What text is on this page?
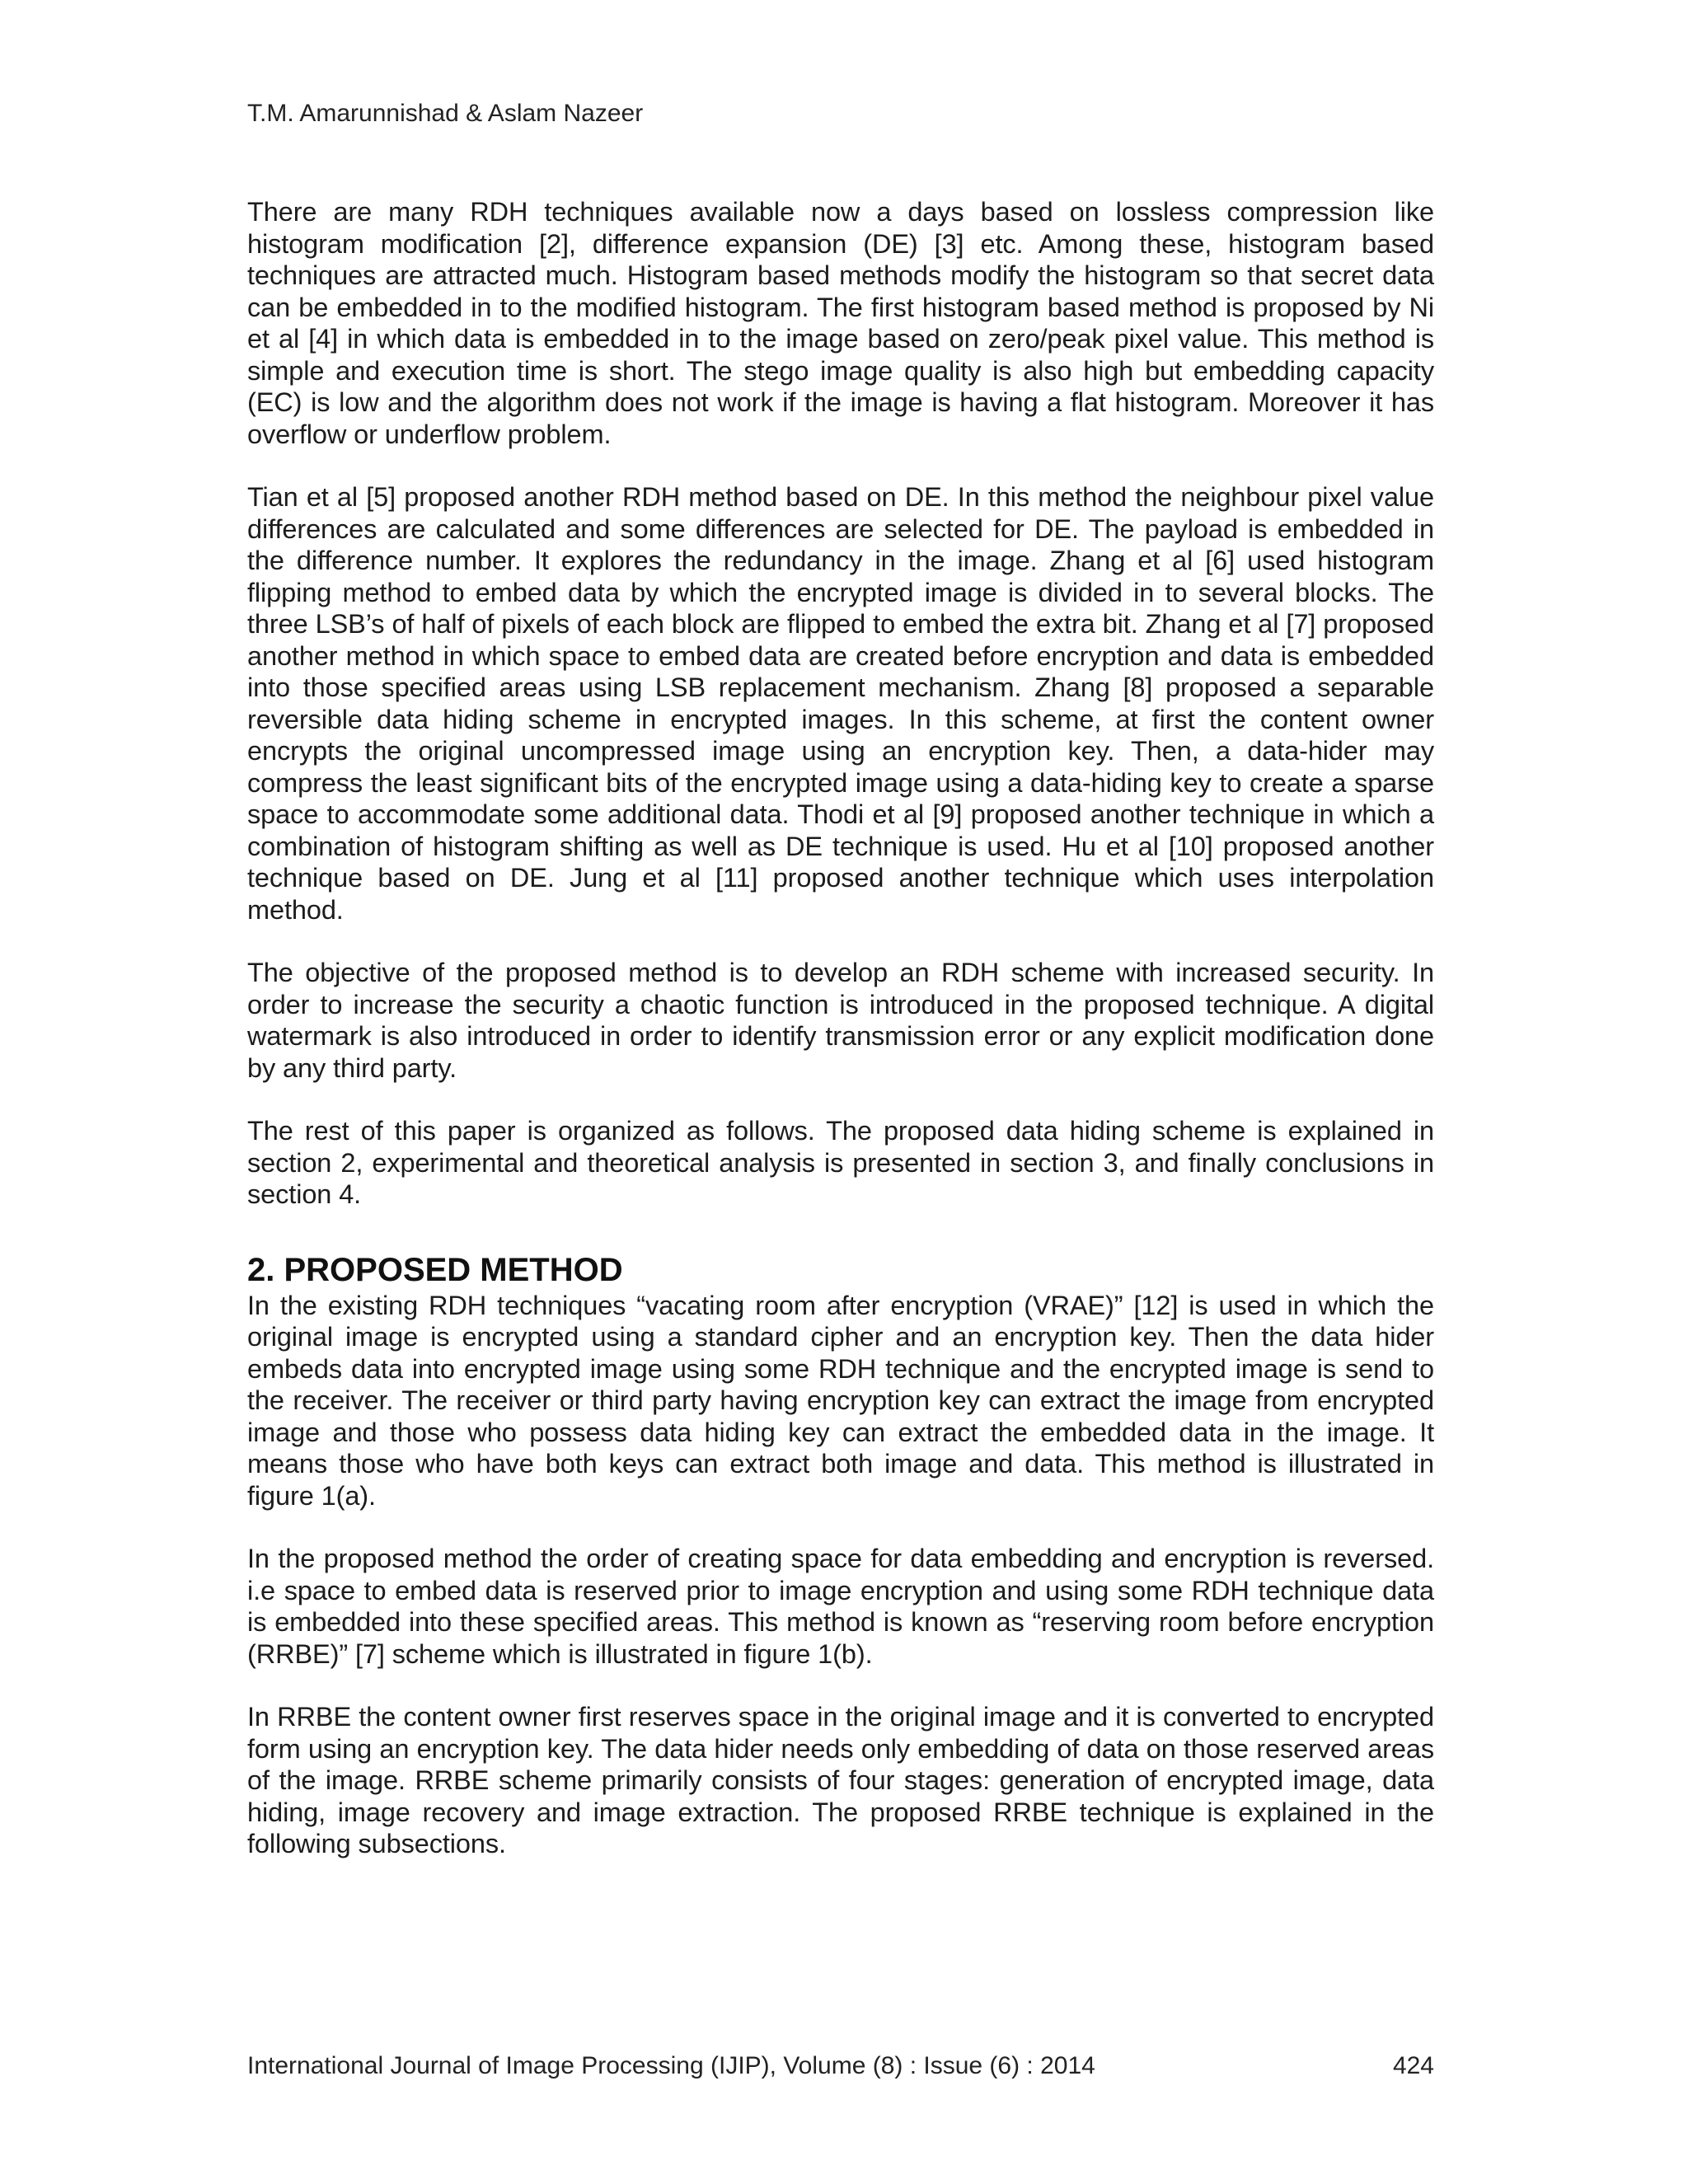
T.M. Amarunnishad & Aslam Nazeer

There are many RDH techniques available now a days based on lossless compression like histogram modification [2], difference expansion (DE) [3] etc. Among these, histogram based techniques are attracted much. Histogram based methods modify the histogram so that secret data can be embedded in to the modified histogram. The first histogram based method is proposed by Ni et al [4] in which data is embedded in to the image based on zero/peak pixel value. This method is simple and execution time is short. The stego image quality is also high but embedding capacity (EC) is low and the algorithm does not work if the image is having a flat histogram. Moreover it has overflow or underflow problem.

Tian et al [5] proposed another RDH method based on DE. In this method the neighbour pixel value differences are calculated and some differences are selected for DE. The payload is embedded in the difference number. It explores the redundancy in the image. Zhang et al [6] used histogram flipping method to embed data by which the encrypted image is divided in to several blocks. The three LSB’s of half of pixels of each block are flipped to embed the extra bit. Zhang et al [7] proposed another method in which space to embed data are created before encryption and data is embedded into those specified areas using LSB replacement mechanism. Zhang [8] proposed a separable reversible data hiding scheme in encrypted images. In this scheme, at first the content owner encrypts the original uncompressed image using an encryption key. Then, a data-hider may compress the least significant bits of the encrypted image using a data-hiding key to create a sparse space to accommodate some additional data. Thodi et al [9] proposed another technique in which a combination of histogram shifting as well as DE technique is used. Hu et al [10] proposed another technique based on DE. Jung et al [11] proposed another technique which uses interpolation method.

The objective of the proposed method is to develop an RDH scheme with increased security. In order to increase the security a chaotic function is introduced in the proposed technique. A digital watermark is also introduced in order to identify transmission error or any explicit modification done by any third party.

The rest of this paper is organized as follows. The proposed data hiding scheme is explained in section 2, experimental and theoretical analysis is presented in section 3, and finally conclusions in section 4.

2. PROPOSED METHOD

In the existing RDH techniques “vacating room after encryption (VRAE)” [12] is used in which the original image is encrypted using a standard cipher and an encryption key. Then the data hider embeds data into encrypted image using some RDH technique and the encrypted image is send to the receiver. The receiver or third party having encryption key can extract the image from encrypted image and those who possess data hiding key can extract the embedded data in the image. It means those who have both keys can extract both image and data. This method is illustrated in figure 1(a).

In the proposed method the order of creating space for data embedding and encryption is reversed. i.e space to embed data is reserved prior to image encryption and using some RDH technique data is embedded into these specified areas. This method is known as “reserving room before encryption (RRBE)” [7] scheme which is illustrated in figure 1(b).

In RRBE the content owner first reserves space in the original image and it is converted to encrypted form using an encryption key. The data hider needs only embedding of data on those reserved areas of the image. RRBE scheme primarily consists of four stages: generation of encrypted image, data hiding, image recovery and image extraction. The proposed RRBE technique is explained in the following subsections.

International Journal of Image Processing (IJIP), Volume (8) : Issue (6) : 2014	424
